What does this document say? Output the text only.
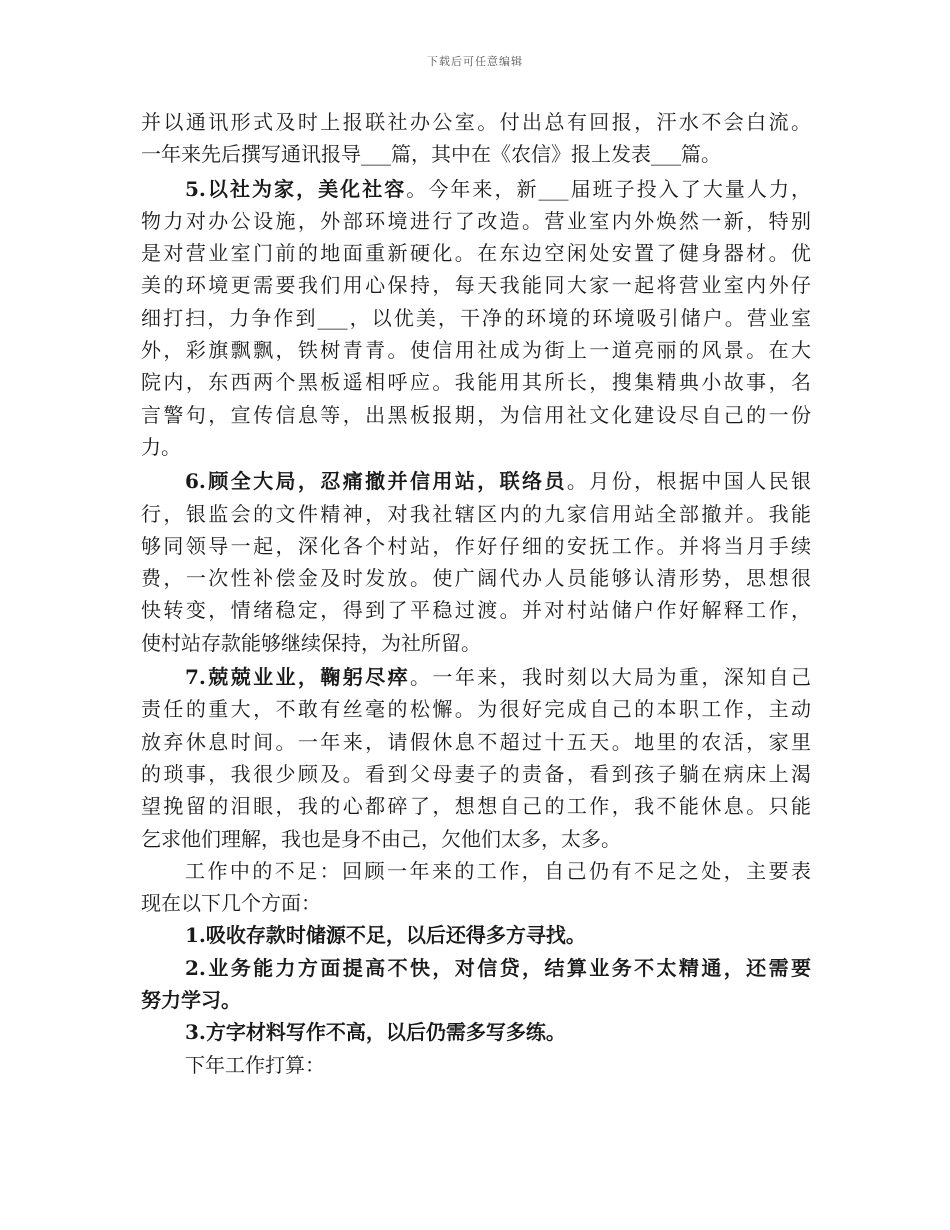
下载后可任意编辑
并以通讯形式及时上报联社办公室。付出总有回报，汗水不会白流。
一年来先后撰写通讯报导___篇，其中在《农信》报上发表___篇。
5.以社为家，美化社容。今年来，新___届班子投入了大量人力，
物力对办公设施，外部环境进行了改造。营业室内外焕然一新，特别
是对营业室门前的地面重新硬化。在东边空闲处安置了健身器材。优
美的环境更需要我们用心保持，每天我能同大家一起将营业室内外仔
细打扫，力争作到___，以优美，干净的环境的环境吸引储户。营业室
外，彩旗飘飘，铁树青青。使信用社成为街上一道亮丽的风景。在大
院内，东西两个黑板遥相呼应。我能用其所长，搜集精典小故事，名
言警句，宣传信息等，出黑板报期，为信用社文化建设尽自己的一份
力。
6.顾全大局，忍痛撤并信用站，联络员。月份，根据中国人民银
行，银监会的文件精神，对我社辖区内的九家信用站全部撤并。我能
够同领导一起，深化各个村站，作好仔细的安抚工作。并将当月手续
费，一次性补偿金及时发放。使广阔代办人员能够认清形势，思想很
快转变，情绪稳定，得到了平稳过渡。并对村站储户作好解释工作，
使村站存款能够继续保持，为社所留。
7.兢兢业业，鞠躬尽瘁。一年来，我时刻以大局为重，深知自己
责任的重大，不敢有丝毫的松懈。为很好完成自己的本职工作，主动
放弃休息时间。一年来，请假休息不超过十五天。地里的农活，家里
的琐事，我很少顾及。看到父母妻子的责备，看到孩子躺在病床上渴
望挽留的泪眼，我的心都碎了，想想自己的工作，我不能休息。只能
乞求他们理解，我也是身不由己，欠他们太多，太多。
工作中的不足：回顾一年来的工作，自己仍有不足之处，主要表
现在以下几个方面：
1.吸收存款时储源不足，以后还得多方寻找。
2.业务能力方面提高不快，对信贷，结算业务不太精通，还需要
努力学习。
3.方字材料写作不高，以后仍需多写多练。
下年工作打算：
